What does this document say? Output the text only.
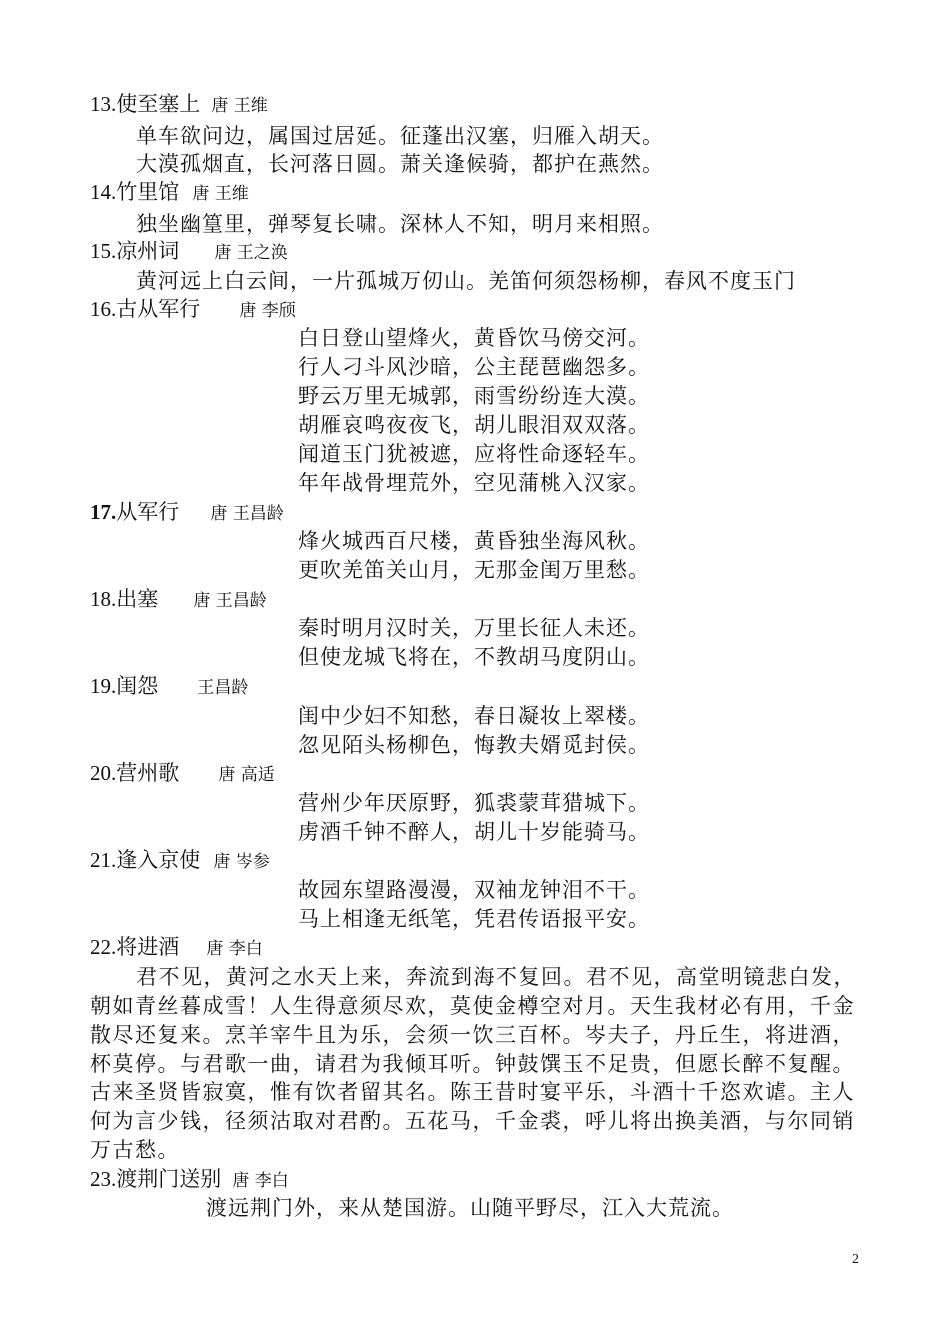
13.使至塞上 唐 王维
单车欲问边，属国过居延。征蓬出汉塞，归雁入胡天。
大漠孤烟直，长河落日圆。萧关逢候骑，都护在燕然。
14.竹里馆 唐 王维
独坐幽篁里，弹琴复长啸。深林人不知，明月来相照。
15.凉州词 唐 王之涣
黄河远上白云间，一片孤城万仞山。羌笛何须怨杨柳，春风不度玉门
16.古从军行 唐 李颀
白日登山望烽火，黄昏饮马傍交河。
行人刁斗风沙暗，公主琵琶幽怨多。
野云万里无城郭，雨雪纷纷连大漠。
胡雁哀鸣夜夜飞，胡儿眼泪双双落。
闻道玉门犹被遮，应将性命逐轻车。
年年战骨埋荒外，空见蒲桃入汉家。
17.从军行 唐 王昌龄
烽火城西百尺楼，黄昏独坐海风秋。
更吹羌笛关山月，无那金闺万里愁。
18.出塞 唐 王昌龄
秦时明月汉时关，万里长征人未还。
但使龙城飞将在，不教胡马度阴山。
19.闺怨 王昌龄
闺中少妇不知愁，春日凝妆上翠楼。
忽见陌头杨柳色，悔教夫婿觅封侯。
20.营州歌 唐 高适
营州少年厌原野，狐裘蒙茸猎城下。
虏酒千钟不醉人，胡儿十岁能骑马。
21.逢入京使 唐 岑参
故园东望路漫漫，双袖龙钟泪不干。
马上相逢无纸笔，凭君传语报平安。
22.将进酒 唐 李白
君不见，黄河之水天上来，奔流到海不复回。君不见，高堂明镜悲白发，
朝如青丝暮成雪！人生得意须尽欢，莫使金樽空对月。天生我材必有用，千金
散尽还复来。烹羊宰牛且为乐，会须一饮三百杯。岑夫子，丹丘生，将进酒，
杯莫停。与君歌一曲，请君为我倾耳听。钟鼓馔玉不足贵，但愿长醉不复醒。
古来圣贤皆寂寞，惟有饮者留其名。陈王昔时宴平乐，斗酒十千恣欢谑。主人
何为言少钱，径须沽取对君酌。五花马，千金裘，呼儿将出换美酒，与尔同销
万古愁。
23.渡荆门送别 唐 李白
渡远荆门外，来从楚国游。山随平野尽，江入大荒流。
2
